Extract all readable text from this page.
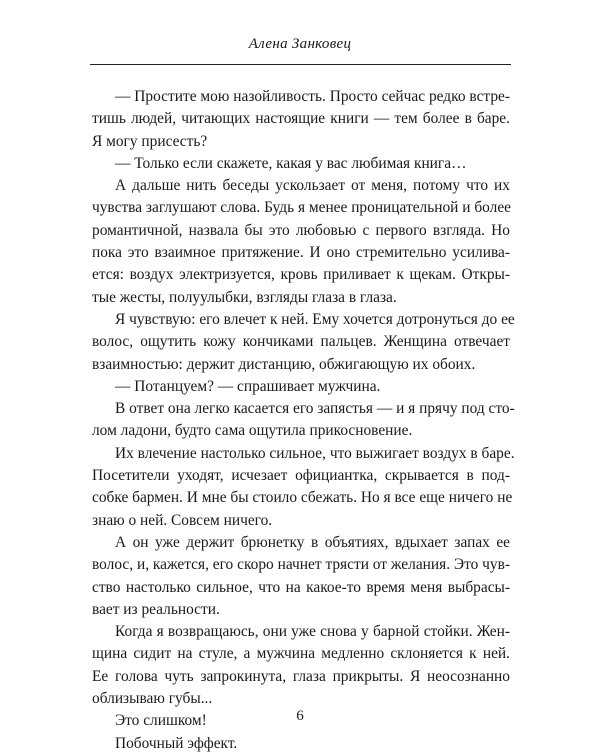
Алена Занковец

— Простите мою назойливость. Просто сейчас редко встре-
тишь людей, читающих настоящие книги — тем более в баре.
Я могу присесть?

— Только если скажете, какая у вас любимая книга…

А дальше нить беседы ускользает от меня, потому что их
чувства заглушают слова. Будь я менее проницательной и более
романтичной, назвала бы это любовью с первого взгляда. Но
пока это взаимное притяжение. И оно стремительно усилива-
ется: воздух электризуется, кровь приливает к щекам. Откры-
тые жесты, полуулыбки, взгляды глаза в глаза.

Я чувствую: его влечет к ней. Ему хочется дотронуться до ее
волос, ощутить кожу кончиками пальцев. Женщина отвечает
взаимностью: держит дистанцию, обжигающую их обоих.

— Потанцуем? — спрашивает мужчина.

В ответ она легко касается его запястья — и я прячу под сто-
лом ладони, будто сама ощутила прикосновение.

Их влечение настолько сильное, что выжигает воздух в баре.
Посетители уходят, исчезает официантка, скрывается в под-
собке бармен. И мне бы стоило сбежать. Но я все еще ничего не
знаю о ней. Совсем ничего.

А он уже держит брюнетку в объятиях, вдыхает запах ее
волос, и, кажется, его скоро начнет трясти от желания. Это чув-
ство настолько сильное, что на какое-то время меня выбрасы-
вает из реальности.

Когда я возвращаюсь, они уже снова у барной стойки. Жен-
щина сидит на стуле, а мужчина медленно склоняется к ней.
Ее голова чуть запрокинута, глаза прикрыты. Я неосознанно
облизываю губы...

Это слишком!

Побочный эффект.

6
